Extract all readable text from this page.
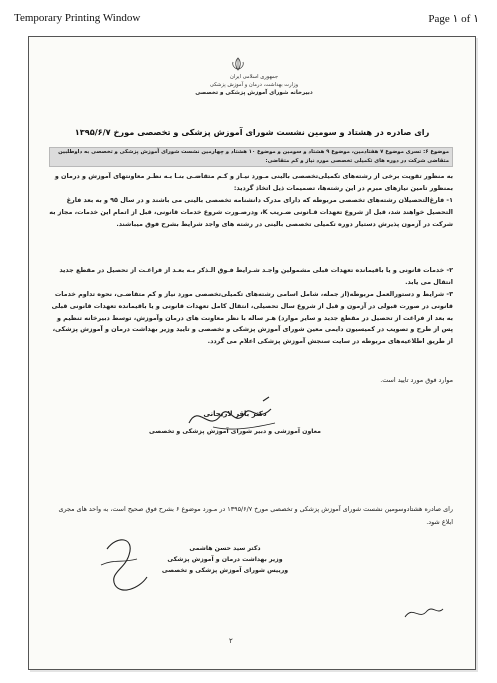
Temporary Printing Window	Page ۱ of ۱
جمهوری اسلامی ایران
وزارت بهداشت، درمان و آموزش پزشکی
دبیرخانه شورای آموزش پزشکی و تخصصی
رای صادره در هشتاد و سومین نشست شورای آموزش پزشکی و تخصصی مورخ ۱۳۹۵/۶/۷
موضوع ۶: تسری موضوع ۷ هفتادمین، موضوع ۹ هشتاد و سومین و موضوع ۱۰ هشتاد و چهارمین نشست شورای آموزش پزشکی و تخصصی به داوطلبین متقاضی شرکت در دوره های تکمیلی تخصصی مورد نیاز و کم متقاضی:
به منظور تقویت برخی از رشته‌های تکمیلی‌تخصصی بالینی مـورد نیـاز و کـم متقاضـی بنـا بـه نظـر معاونتهای آموزش و درمان و بمنظور تامین نیازهای مبرم در این رشته‌ها، تصمیمات ذیل اتخاذ گردید:
۱- فارغ‌التحصیلان رشته‌های تخصصی مربوطه که دارای مدرک دانشنامه تخصصی بالینی می باشند و در سال ۹۵ و به بعد فارغ التحصیل خواهند شد، قبل از شروع تعهدات قـانونی ضـریب K، ودرصـورت شروع خدمات قانونی، قبل از اتمام این خدمات، مجاز به شرکت در آزمون پذیرش دستیار دوره تکمیلی تخصصی بالینی در رشته های واجد شرایط بشرح فوق میباشند.
۲- خدمات قانونی و یا باقیمانده تعهدات قبلی مشمولین واجـد شـرایط فـوق الـذکر بـه بعـد از فراغـت از تحصیل در مقطع جدید انتقال می یابد.
۳- شرایط و دستورالعمل مربوطه(از جمله، شامل اسامی رشته‌های تکمیلی‌تخصصی مورد نیاز و کم متقاضـی، نحوه تداوم خدمات قانونی در صورت قبولی در آزمون و قبل از شروع سال تحصیلی، انتقال کامل تعهدات قانونی و یا باقیمانده تعهدات قانونی قبلی به بعد از فراغت از تحصیل در مقطع جدید و سایر موارد) هـر ساله با نظر معاونت های درمان وآموزش، توسط دبیرخانه تنظیم و پس از طرح و تصویب در کمیسیون دایمی معین شورای آموزش پزشکی و تخصصی و تایید وزیر بهداشت درمان و آموزش پزشکی، از طریق اطلاعیه‌های مربوطه در سایت سنجش آموزش پزشکی اعلام می گردد.
موارد فوق مورد تایید است.
دکتر باقر لاریجانی
معاون آموزشی و دبیر شورای آموزش پزشکی و تخصصی
رای صادره هشتادوسومین نشست شورای آموزش پزشکی و تخصصی مورخ ۱۳۹۵/۶/۷ در مـورد موضوع ۶ بشرح فوق صحیح است، به واحد های مجری ابلاغ شود.
دکتر سید حسن هاشمی
وزیر بهداشت درمان و آموزش پزشکی
ورییس شورای آموزش پزشکی و تخصصی
۲
